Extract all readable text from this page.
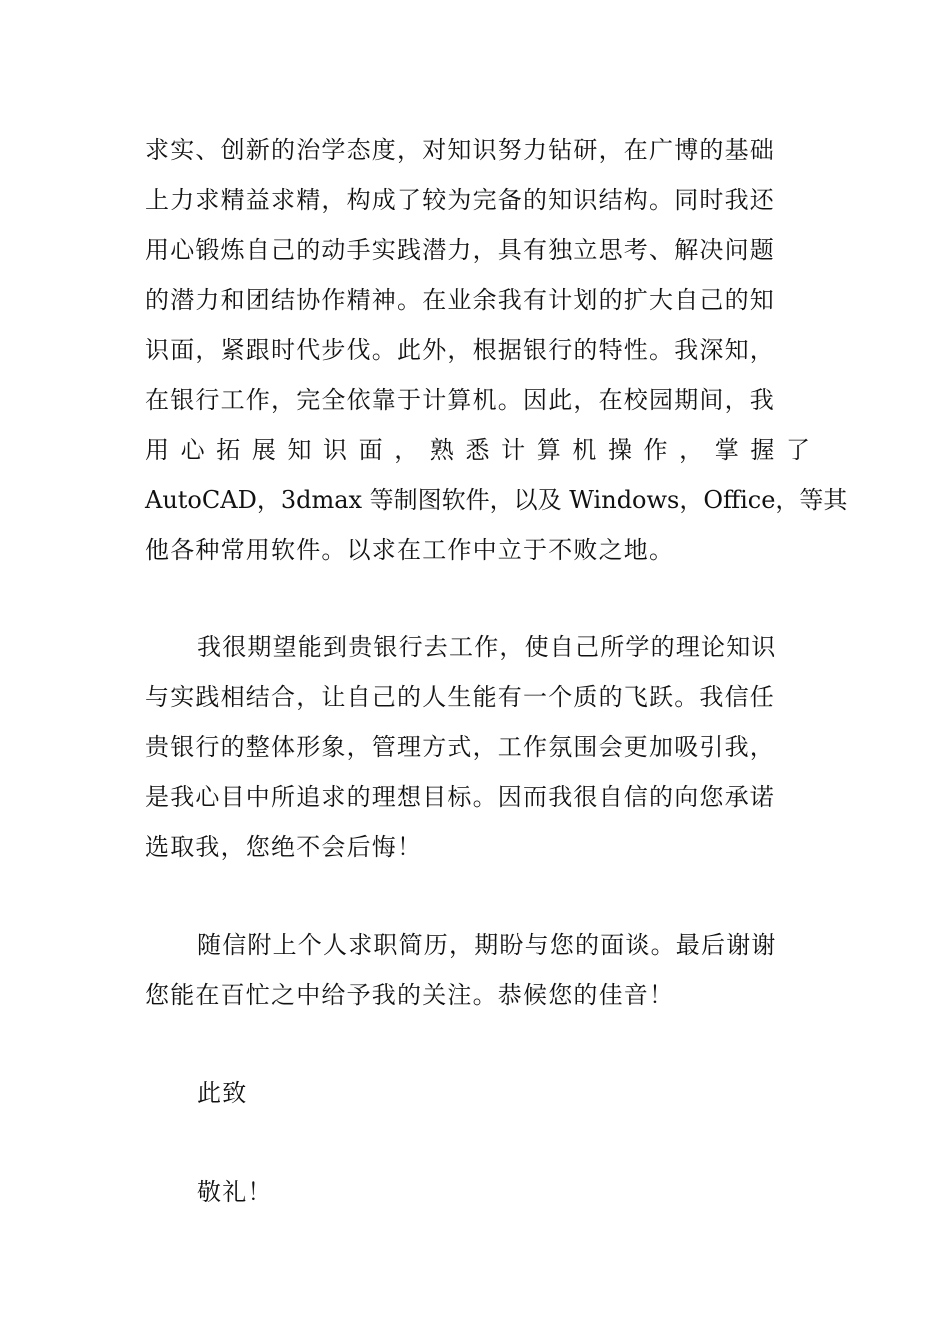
求实、创新的治学态度，对知识努力钻研，在广博的基础
上力求精益求精，构成了较为完备的知识结构。同时我还
用心锻炼自己的动手实践潜力，具有独立思考、解决问题
的潜力和团结协作精神。在业余我有计划的扩大自己的知
识面，紧跟时代步伐。此外，根据银行的特性。我深知，
在银行工作，完全依靠于计算机。因此，在校园期间，我
用 心 拓 展 知 识 面 ， 熟 悉 计 算 机 操 作 ， 掌 握 了
AutoCAD，3dmax 等制图软件，以及 Windows，Office，等其
他各种常用软件。以求在工作中立于不败之地。
我很期望能到贵银行去工作，使自己所学的理论知识
与实践相结合，让自己的人生能有一个质的飞跃。我信任
贵银行的整体形象，管理方式，工作氛围会更加吸引我，
是我心目中所追求的理想目标。因而我很自信的向您承诺
选取我，您绝不会后悔！
随信附上个人求职简历，期盼与您的面谈。最后谢谢
您能在百忙之中给予我的关注。恭候您的佳音！
此致
敬礼！
